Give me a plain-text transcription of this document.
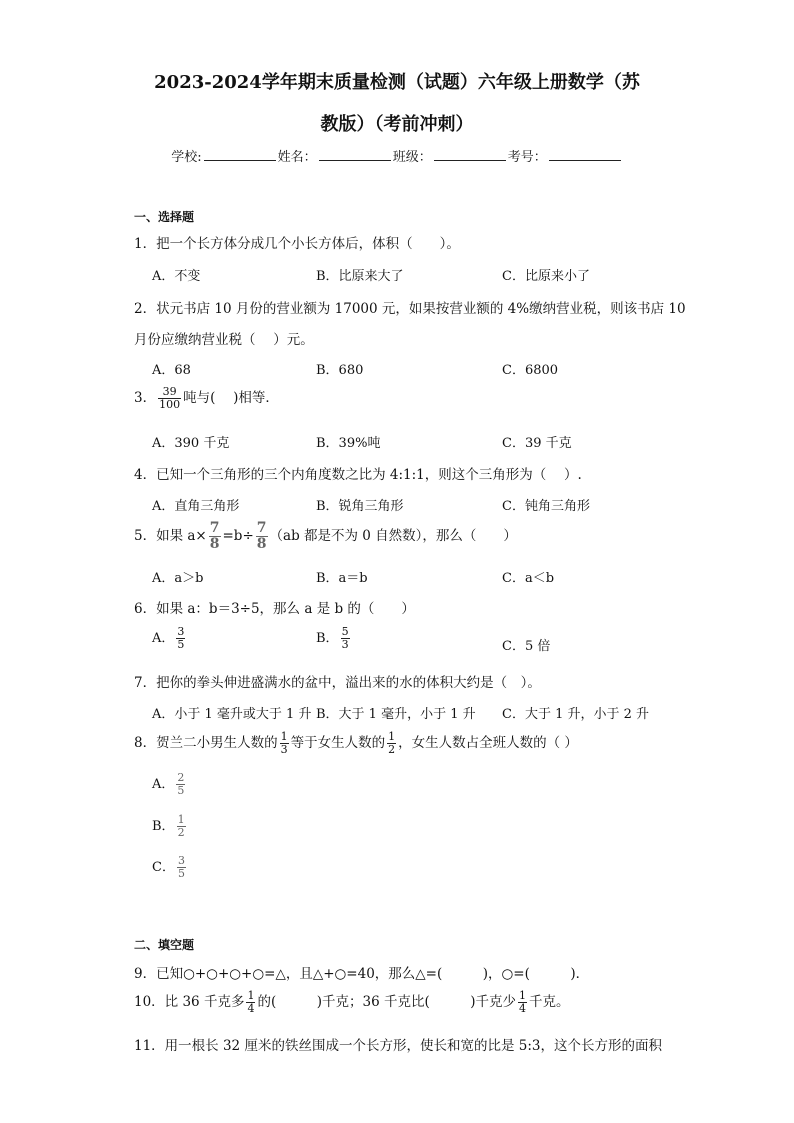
2023-2024学年期末质量检测（试题）六年级上册数学（苏
教版）（考前冲刺）
学校:	姓名：	班级：	考号：
一、选择题
1．把一个长方体分成几个小长方体后，体积（　　）。
A．不变	B．比原来大了	C．比原来小了
2．状元书店 10 月份的营业额为 17000 元，如果按营业额的 4%缴纳营业税，则该书店 10
月份应缴纳营业税（　 ）元。
A．68	B．680	C．6800
3． $\frac{39}{100}$ 吨与(　 )相等．
A．390 千克	B．39%吨	C．39 千克
4．已知一个三角形的三个内角度数之比为 4:1:1，则这个三角形为（　 ）.
A．直角三角形	B．锐角三角形	C．钝角三角形
5．如果 $a\times \frac{7}{8} =b\div \frac{7}{8} (ab$ 都是不为 0 自然数），那么（　　）
A．a＞b	B．a＝b	C．a＜b
6．如果 a：b＝3÷5，那么 a 是 b 的（　　）
A． $\frac{3}{5}$	B． $\frac{5}{3}$	C．5 倍
7．把你的拳头伸进盛满水的盆中，溢出来的水的体积大约是（　）。
A．小于 1 毫升或大于 1 升 B．大于 1 毫升，小于 1 升 C．大于 1 升，小于 2 升
8．贺兰二小男生人数的 $\frac{1}{3}$ 等于女生人数的 $\frac{1}{2}$ ，女生人数占全班人数的（ ）
A． $\frac{2}{5}$
B． $\frac{1}{2}$
C． $\frac{3}{5}$
二、填空题
9．已知○+○+○+○=△，且△+○=40，那么△=(　　　)，○=(　　　)．
10．比 36 千克多 $\frac{1}{4}$ 的(　　　)千克；36 千克比(　　　)千克少 $\frac{1}{4}$ 千克。
11．用一根长 32 厘米的铁丝围成一个长方形，使长和宽的比是 5:3，这个长方形的面积
